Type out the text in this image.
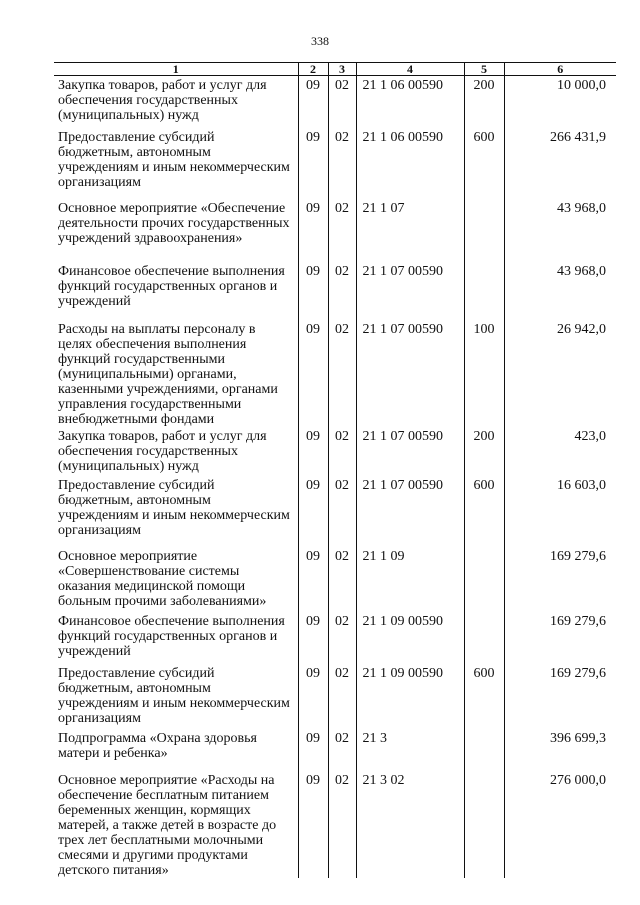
338
1	2	3	4	5	6
Закупка товаров, работ и услуг для обеспечения государственных (муниципальных) нужд	09	02	21 1 06 00590	200	10 000,0
Предоставление субсидий бюджетным, автономным учреждениям и иным некоммерческим организациям	09	02	21 1 06 00590	600	266 431,9
Основное мероприятие «Обеспечение деятельности прочих государственных учреждений здравоохранения»	09	02	21 1 07		43 968,0
Финансовое обеспечение выполнения функций государственных органов и учреждений	09	02	21 1 07 00590		43 968,0
Расходы на выплаты персоналу в целях обеспечения выполнения функций государственными (муниципальными) органами, казенными учреждениями, органами управления государственными внебюджетными фондами	09	02	21 1 07 00590	100	26 942,0
Закупка товаров, работ и услуг для обеспечения государственных (муниципальных) нужд	09	02	21 1 07 00590	200	423,0
Предоставление субсидий бюджетным, автономным учреждениям и иным некоммерческим организациям	09	02	21 1 07 00590	600	16 603,0
Основное мероприятие «Совершенствование системы оказания медицинской помощи больным прочими заболеваниями»	09	02	21 1 09		169 279,6
Финансовое обеспечение выполнения функций государственных органов и учреждений	09	02	21 1 09 00590		169 279,6
Предоставление субсидий бюджетным, автономным учреждениям и иным некоммерческим организациям	09	02	21 1 09 00590	600	169 279,6
Подпрограмма «Охрана здоровья матери и ребенка»	09	02	21 3		396 699,3
Основное мероприятие «Расходы на обеспечение бесплатным питанием беременных женщин, кормящих матерей, а также детей в возрасте до трех лет бесплатными молочными смесями и другими продуктами детского питания»	09	02	21 3 02		276 000,0
